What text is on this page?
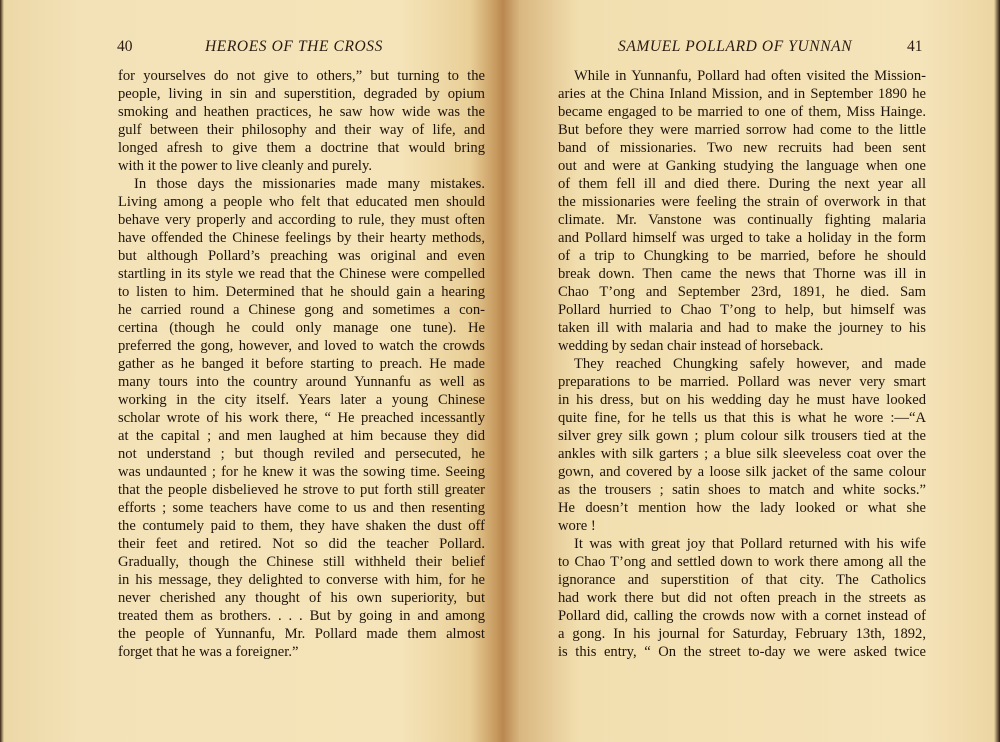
40	HEROES OF THE CROSS
for yourselves do not give to others,” but turning to the
people, living in sin and superstition, degraded by opium
smoking and heathen practices, he saw how wide was the
gulf between their philosophy and their way of life, and
longed afresh to give them a doctrine that would bring
with it the power to live cleanly and purely.
In those days the missionaries made many mistakes.
Living among a people who felt that educated men should
behave very properly and according to rule, they must often
have offended the Chinese feelings by their hearty methods,
but although Pollard’s preaching was original and even
startling in its style we read that the Chinese were compelled
to listen to him. Determined that he should gain a hearing
he carried round a Chinese gong and sometimes a con-
certina (though he could only manage one tune). He
preferred the gong, however, and loved to watch the crowds
gather as he banged it before starting to preach. He made
many tours into the country around Yunnanfu as well as
working in the city itself. Years later a young Chinese
scholar wrote of his work there, “ He preached incessantly
at the capital ; and men laughed at him because they did
not understand ; but though reviled and persecuted, he
was undaunted ; for he knew it was the sowing time. Seeing
that the people disbelieved he strove to put forth still greater
efforts ; some teachers have come to us and then resenting
the contumely paid to them, they have shaken the dust off
their feet and retired. Not so did the teacher Pollard.
Gradually, though the Chinese still withheld their belief
in his message, they delighted to converse with him, for he
never cherished any thought of his own superiority, but
treated them as brothers. . . . But by going in and among
the people of Yunnanfu, Mr. Pollard made them almost
forget that he was a foreigner.”
SAMUEL POLLARD OF YUNNAN	41
While in Yunnanfu, Pollard had often visited the Mission-
aries at the China Inland Mission, and in September 1890 he
became engaged to be married to one of them, Miss Hainge.
But before they were married sorrow had come to the little
band of missionaries. Two new recruits had been sent
out and were at Ganking studying the language when one
of them fell ill and died there. During the next year all
the missionaries were feeling the strain of overwork in that
climate. Mr. Vanstone was continually fighting malaria
and Pollard himself was urged to take a holiday in the form
of a trip to Chungking to be married, before he should
break down. Then came the news that Thorne was ill in
Chao T’ong and September 23rd, 1891, he died. Sam
Pollard hurried to Chao T’ong to help, but himself was
taken ill with malaria and had to make the journey to his
wedding by sedan chair instead of horseback.
They reached Chungking safely however, and made
preparations to be married. Pollard was never very smart
in his dress, but on his wedding day he must have looked
quite fine, for he tells us that this is what he wore :—“A
silver grey silk gown ; plum colour silk trousers tied at the
ankles with silk garters ; a blue silk sleeveless coat over the
gown, and covered by a loose silk jacket of the same colour
as the trousers ; satin shoes to match and white socks.”
He doesn’t mention how the lady looked or what she
wore !
It was with great joy that Pollard returned with his wife
to Chao T’ong and settled down to work there among all the
ignorance and superstition of that city. The Catholics
had work there but did not often preach in the streets as
Pollard did, calling the crowds now with a cornet instead of
a gong. In his journal for Saturday, February 13th, 1892,
is this entry, “ On the street to-day we were asked twice
